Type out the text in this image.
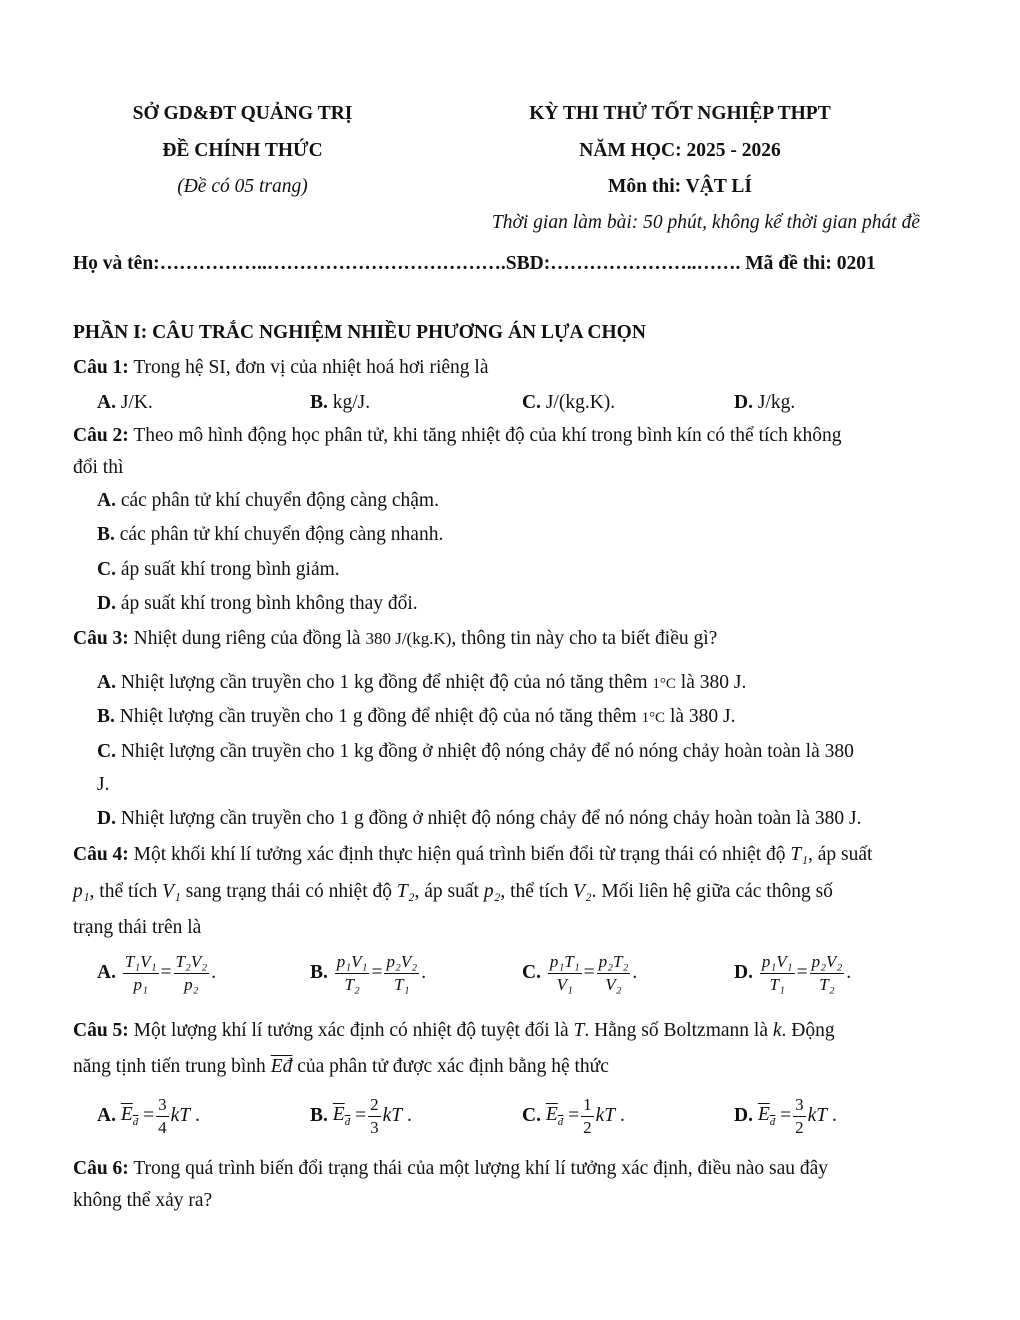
SỞ GD&ĐT QUẢNG TRỊ
ĐỀ CHÍNH THỨC
(Đề có 05 trang)
KỲ THI THỬ TỐT NGHIỆP THPT
NĂM HỌC: 2025 - 2026
Môn thi: VẬT LÍ
Thời gian làm bài: 50 phút, không kể thời gian phát đề
Họ và tên:……………..……………………………….SBD:…………………..……. Mã đề thi: 0201
PHẦN I: CÂU TRẮC NGHIỆM NHIỀU PHƯƠNG ÁN LỰA CHỌN
Câu 1: Trong hệ SI, đơn vị của nhiệt hoá hơi riêng là
A. J/K.	B. kg/J.	C. J/(kg.K).	D. J/kg.
Câu 2: Theo mô hình động học phân tử, khi tăng nhiệt độ của khí trong bình kín có thể tích không
đổi thì
A. các phân tử khí chuyển động càng chậm.
B. các phân tử khí chuyển động càng nhanh.
C. áp suất khí trong bình giảm.
D. áp suất khí trong bình không thay đổi.
Câu 3: Nhiệt dung riêng của đồng là 380 J/(kg.K), thông tin này cho ta biết điều gì?
A. Nhiệt lượng cần truyền cho 1 kg đồng để nhiệt độ của nó tăng thêm 1°C là 380 J.
B. Nhiệt lượng cần truyền cho 1 g đồng để nhiệt độ của nó tăng thêm 1°C là 380 J.
C. Nhiệt lượng cần truyền cho 1 kg đồng ở nhiệt độ nóng chảy để nó nóng chảy hoàn toàn là 380
J.
D. Nhiệt lượng cần truyền cho 1 g đồng ở nhiệt độ nóng chảy để nó nóng chảy hoàn toàn là 380 J.
Câu 4: Một khối khí lí tưởng xác định thực hiện quá trình biến đổi từ trạng thái có nhiệt độ T₁, áp suất
p₁, thể tích V₁ sang trạng thái có nhiệt độ T₂, áp suất p₂, thể tích V₂. Mối liên hệ giữa các thông số
trạng thái trên là
A.
$\frac{\text{T₁V₁}}{\text{p₁}} = \frac{\text{T₂V₂}}{\text{p₂}}$ .	B.
$\frac{\text{p₁V₁}}{\text{T₂}} = \frac{\text{p₂V₂}}{\text{T₁}}$ .	C.
$\frac{\text{p₁T₁}}{\text{V₁}} = \frac{\text{p₂T₂}}{\text{V₂}}$ .	D.
$\frac{\text{p₁V₁}}{\text{T₁}} = \frac{\text{p₂V₂}}{\text{T₂}}$ .
Câu 5: Một lượng khí lí tưởng xác định có nhiệt độ tuyệt đối là T. Hằng số Boltzmann là k. Động
năng tịnh tiến trung bình $\overline{Eđ}$ của phân tử được xác định bằng hệ thức
A.
$E_đ = \frac{3}{4}$ kT .	B.
$E_đ = \frac{2}{3}$ kT .	C.
$E_đ = \frac{1}{2}$ kT .	D.
$E_đ = \frac{3}{2}$ kT .
Câu 6: Trong quá trình biến đổi trạng thái của một lượng khí lí tưởng xác định, điều nào sau đây
không thể xảy ra?
